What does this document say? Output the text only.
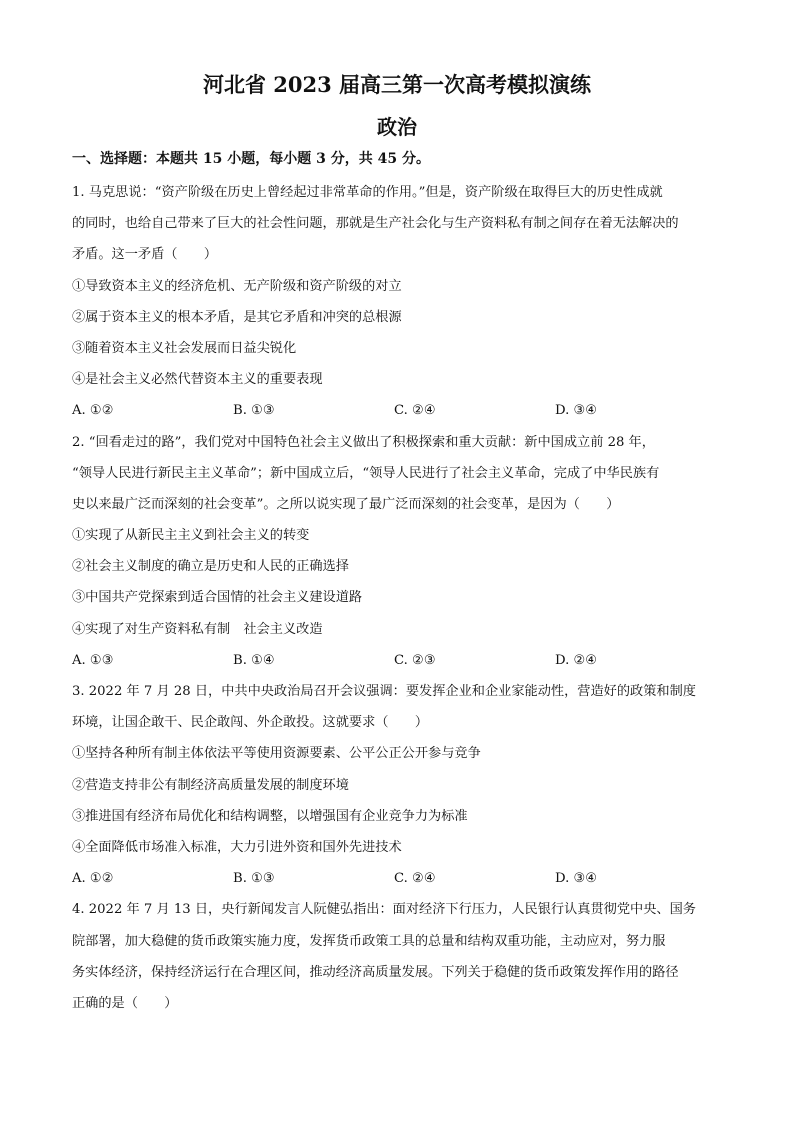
河北省 2023 届高三第一次高考模拟演练
政治
一、选择题：本题共 15 小题，每小题 3 分，共 45 分。
1. 马克思说：“资产阶级在历史上曾经起过非常革命的作用。”但是，资产阶级在取得巨大的历史性成就
的同时，也给自己带来了巨大的社会性问题，那就是生产社会化与生产资料私有制之间存在着无法解决的
矛盾。这一矛盾（　　）
①导致资本主义的经济危机、无产阶级和资产阶级的对立
②属于资本主义的根本矛盾，是其它矛盾和冲突的总根源
③随着资本主义社会发展而日益尖锐化
④是社会主义必然代替资本主义的重要表现
A. ①②	B. ①③	C. ②④	D. ③④
2. “回看走过的路”，我们党对中国特色社会主义做出了积极探索和重大贡献：新中国成立前 28 年，
“领导人民进行新民主主义革命”；新中国成立后，“领导人民进行了社会主义革命，完成了中华民族有
史以来最广泛而深刻的社会变革”。之所以说实现了最广泛而深刻的社会变革，是因为（　　）
①实现了从新民主主义到社会主义的转变
②社会主义制度的确立是历史和人民的正确选择
③中国共产党探索到适合国情的社会主义建设道路
④实现了对生产资料私有制　社会主义改造
A. ①③	B. ①④	C. ②③	D. ②④
3. 2022 年 7 月 28 日，中共中央政治局召开会议强调：要发挥企业和企业家能动性，营造好的政策和制度
环境，让国企敢干、民企敢闯、外企敢投。这就要求（　　）
①坚持各种所有制主体依法平等使用资源要素、公平公正公开参与竞争
②营造支持非公有制经济高质量发展的制度环境
③推进国有经济布局优化和结构调整，以增强国有企业竞争力为标准
④全面降低市场准入标准，大力引进外资和国外先进技术
A. ①②	B. ①③	C. ②④	D. ③④
4. 2022 年 7 月 13 日，央行新闻发言人阮健弘指出：面对经济下行压力，人民银行认真贯彻党中央、国务
院部署，加大稳健的货币政策实施力度，发挥货币政策工具的总量和结构双重功能，主动应对，努力服
务实体经济，保持经济运行在合理区间，推动经济高质量发展。下列关于稳健的货币政策发挥作用的路径
正确的是（　　）
